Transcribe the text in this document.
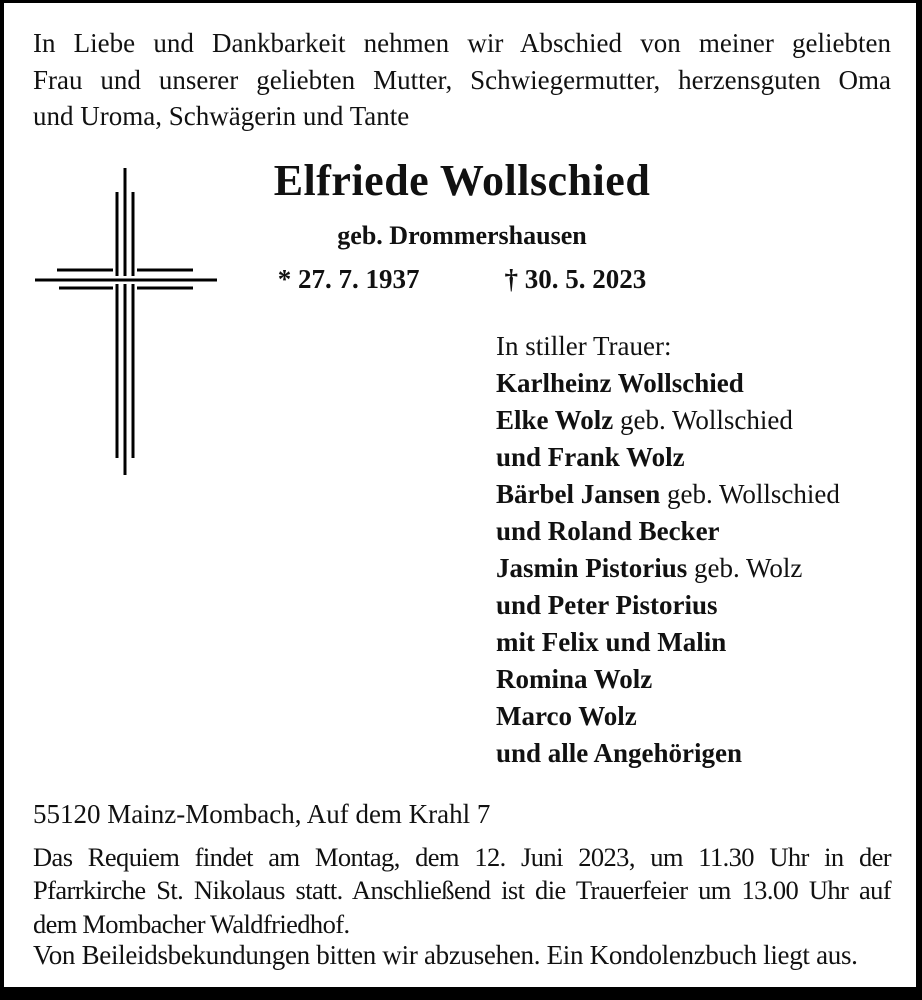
In Liebe und Dankbarkeit nehmen wir Abschied von meiner geliebten
Frau und unserer geliebten Mutter, Schwiegermutter, herzensguten Oma
und Uroma, Schwägerin und Tante
Elfriede Wollschied
geb. Drommershausen
* 27. 7. 1937	† 30. 5. 2023
In stiller Trauer:
Karlheinz Wollschied
Elke Wolz geb. Wollschied
und Frank Wolz
Bärbel Jansen geb. Wollschied
und Roland Becker
Jasmin Pistorius geb. Wolz
und Peter Pistorius
mit Felix und Malin
Romina Wolz
Marco Wolz
und alle Angehörigen
55120 Mainz-Mombach, Auf dem Krahl 7
Das Requiem findet am Montag, dem 12. Juni 2023, um 11.30 Uhr in der
Pfarrkirche St. Nikolaus statt. Anschließend ist die Trauerfeier um 13.00 Uhr auf
dem Mombacher Waldfriedhof.
Von Beileidsbekundungen bitten wir abzusehen. Ein Kondolenzbuch liegt aus.
